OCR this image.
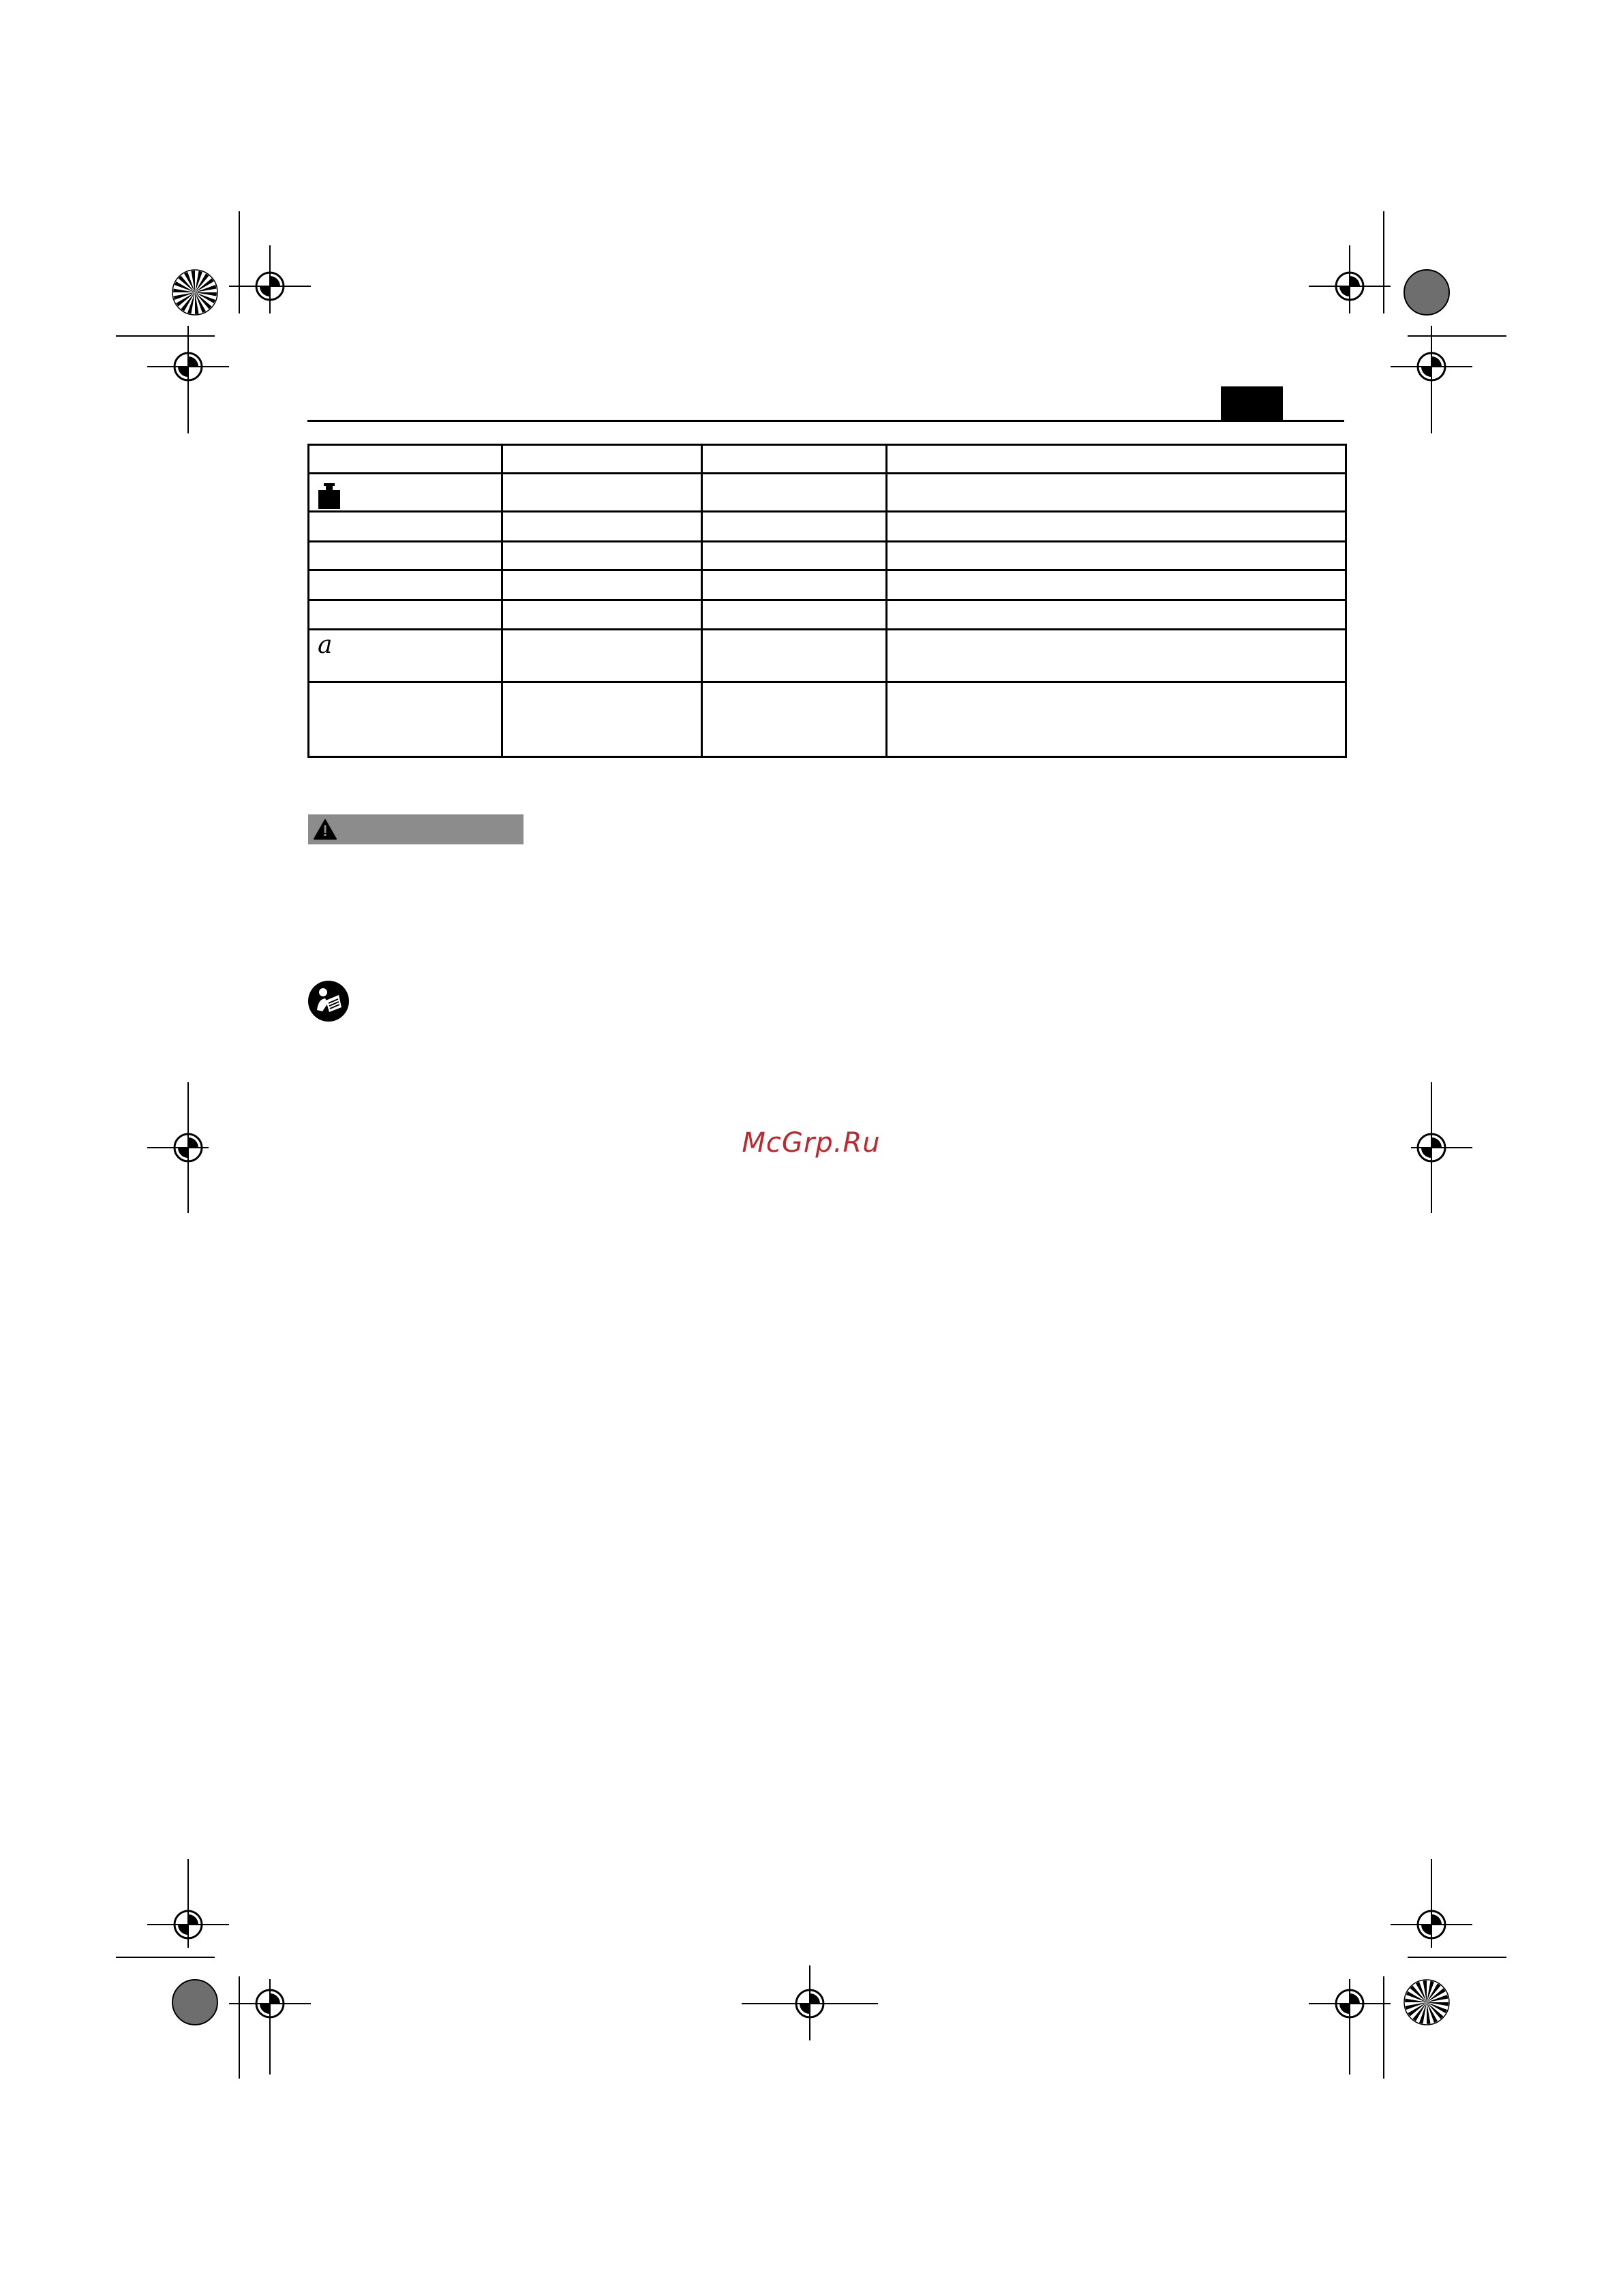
a			

McGrp.Ru
